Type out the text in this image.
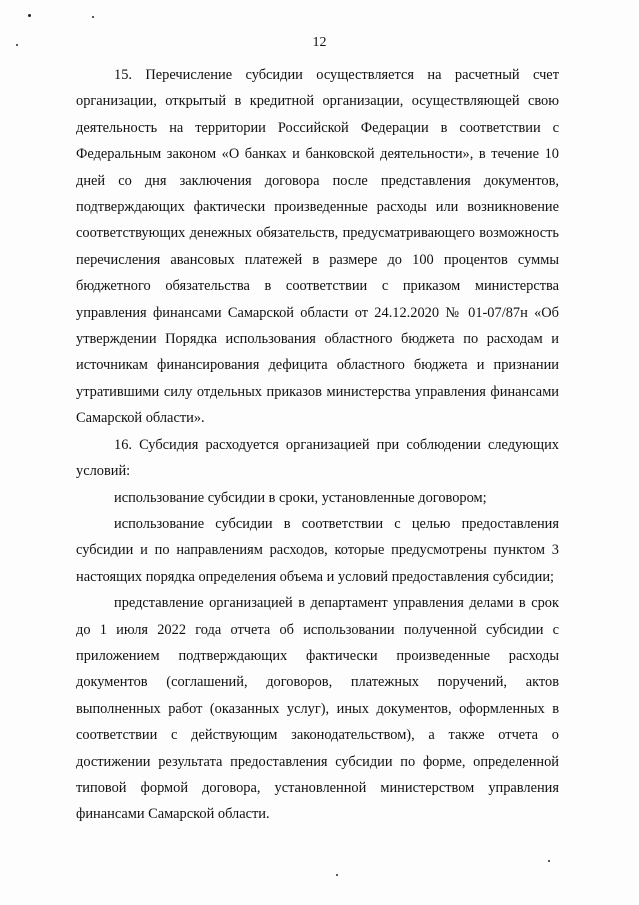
12

15. Перечисление субсидии осуществляется на расчетный счет организации, открытый в кредитной организации, осуществляющей свою деятельность на территории Российской Федерации в соответствии с Федеральным законом «О банках и банковской деятельности», в течение 10 дней со дня заключения договора после представления документов, подтверждающих фактически произведенные расходы или возникновение соответствующих денежных обязательств, предусматривающего возможность перечисления авансовых платежей в размере до 100 процентов суммы бюджетного обязательства в соответствии с приказом министерства управления финансами Самарской области от 24.12.2020 № 01-07/87н «Об утверждении Порядка использования областного бюджета по расходам и источникам финансирования дефицита областного бюджета и признании утратившими силу отдельных приказов министерства управления финансами Самарской области».

16. Субсидия расходуется организацией при соблюдении следующих условий:

использование субсидии в сроки, установленные договором;

использование субсидии в соответствии с целью предоставления субсидии и по направлениям расходов, которые предусмотрены пунктом 3 настоящих порядка определения объема и условий предоставления субсидии;

представление организацией в департамент управления делами в срок до 1 июля 2022 года отчета об использовании полученной субсидии с приложением подтверждающих фактически произведенные расходы документов (соглашений, договоров, платежных поручений, актов выполненных работ (оказанных услуг), иных документов, оформленных в соответствии с действующим законодательством), а также отчета о достижении результата предоставления субсидии по форме, определенной типовой формой договора, установленной министерством управления финансами Самарской области.
